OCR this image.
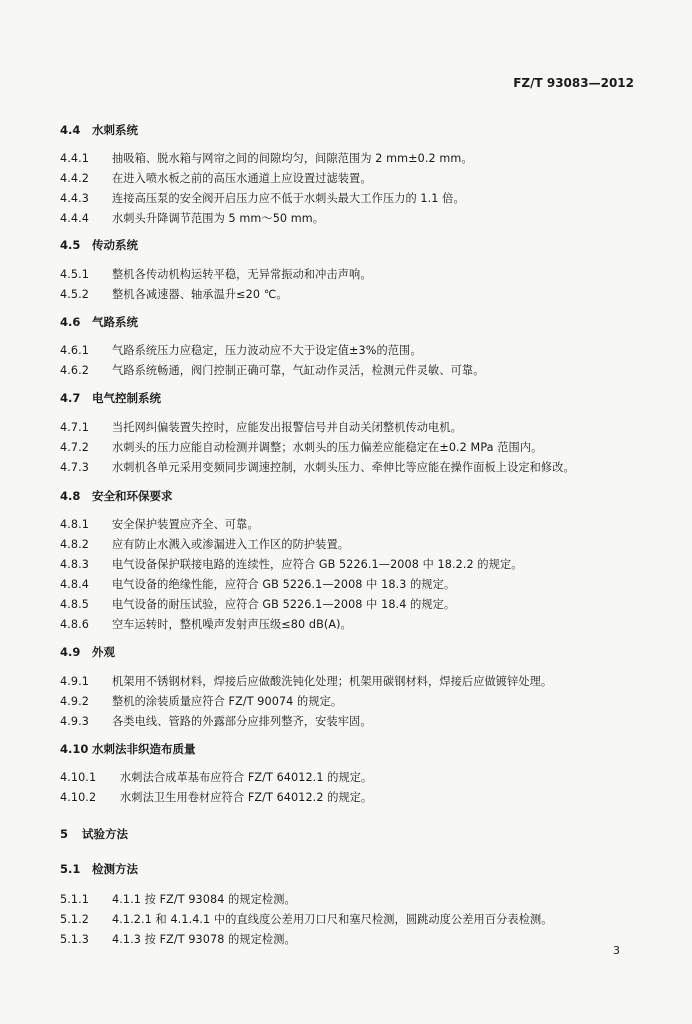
FZ/T 93083—2012
4.4 水刺系统
4.4.1 抽吸箱、脱水箱与网帘之间的间隙均匀，间隙范围为 2 mm±0.2 mm。
4.4.2 在进入喷水板之前的高压水通道上应设置过滤装置。
4.4.3 连接高压泵的安全阀开启压力应不低于水刺头最大工作压力的 1.1 倍。
4.4.4 水刺头升降调节范围为 5 mm～50 mm。
4.5 传动系统
4.5.1 整机各传动机构运转平稳，无异常振动和冲击声响。
4.5.2 整机各减速器、轴承温升≤20 ℃。
4.6 气路系统
4.6.1 气路系统压力应稳定，压力波动应不大于设定值±3%的范围。
4.6.2 气路系统畅通，阀门控制正确可靠，气缸动作灵活，检测元件灵敏、可靠。
4.7 电气控制系统
4.7.1 当托网纠偏装置失控时，应能发出报警信号并自动关闭整机传动电机。
4.7.2 水刺头的压力应能自动检测并调整；水刺头的压力偏差应能稳定在±0.2 MPa 范围内。
4.7.3 水刺机各单元采用变频同步调速控制，水刺头压力、牵伸比等应能在操作面板上设定和修改。
4.8 安全和环保要求
4.8.1 安全保护装置应齐全、可靠。
4.8.2 应有防止水溅入或渗漏进入工作区的防护装置。
4.8.3 电气设备保护联接电路的连续性，应符合 GB 5226.1—2008 中 18.2.2 的规定。
4.8.4 电气设备的绝缘性能，应符合 GB 5226.1—2008 中 18.3 的规定。
4.8.5 电气设备的耐压试验，应符合 GB 5226.1—2008 中 18.4 的规定。
4.8.6 空车运转时，整机噪声发射声压级≤80 dB(A)。
4.9 外观
4.9.1 机架用不锈钢材料，焊接后应做酸洗钝化处理；机架用碳钢材料，焊接后应做镀锌处理。
4.9.2 整机的涂装质量应符合 FZ/T 90074 的规定。
4.9.3 各类电线、管路的外露部分应排列整齐，安装牢固。
4.10 水刺法非织造布质量
4.10.1 水刺法合成革基布应符合 FZ/T 64012.1 的规定。
4.10.2 水刺法卫生用卷材应符合 FZ/T 64012.2 的规定。
5 试验方法
5.1 检测方法
5.1.1 4.1.1 按 FZ/T 93084 的规定检测。
5.1.2 4.1.2.1 和 4.1.4.1 中的直线度公差用刀口尺和塞尺检测，圆跳动度公差用百分表检测。
5.1.3 4.1.3 按 FZ/T 93078 的规定检测。
3
